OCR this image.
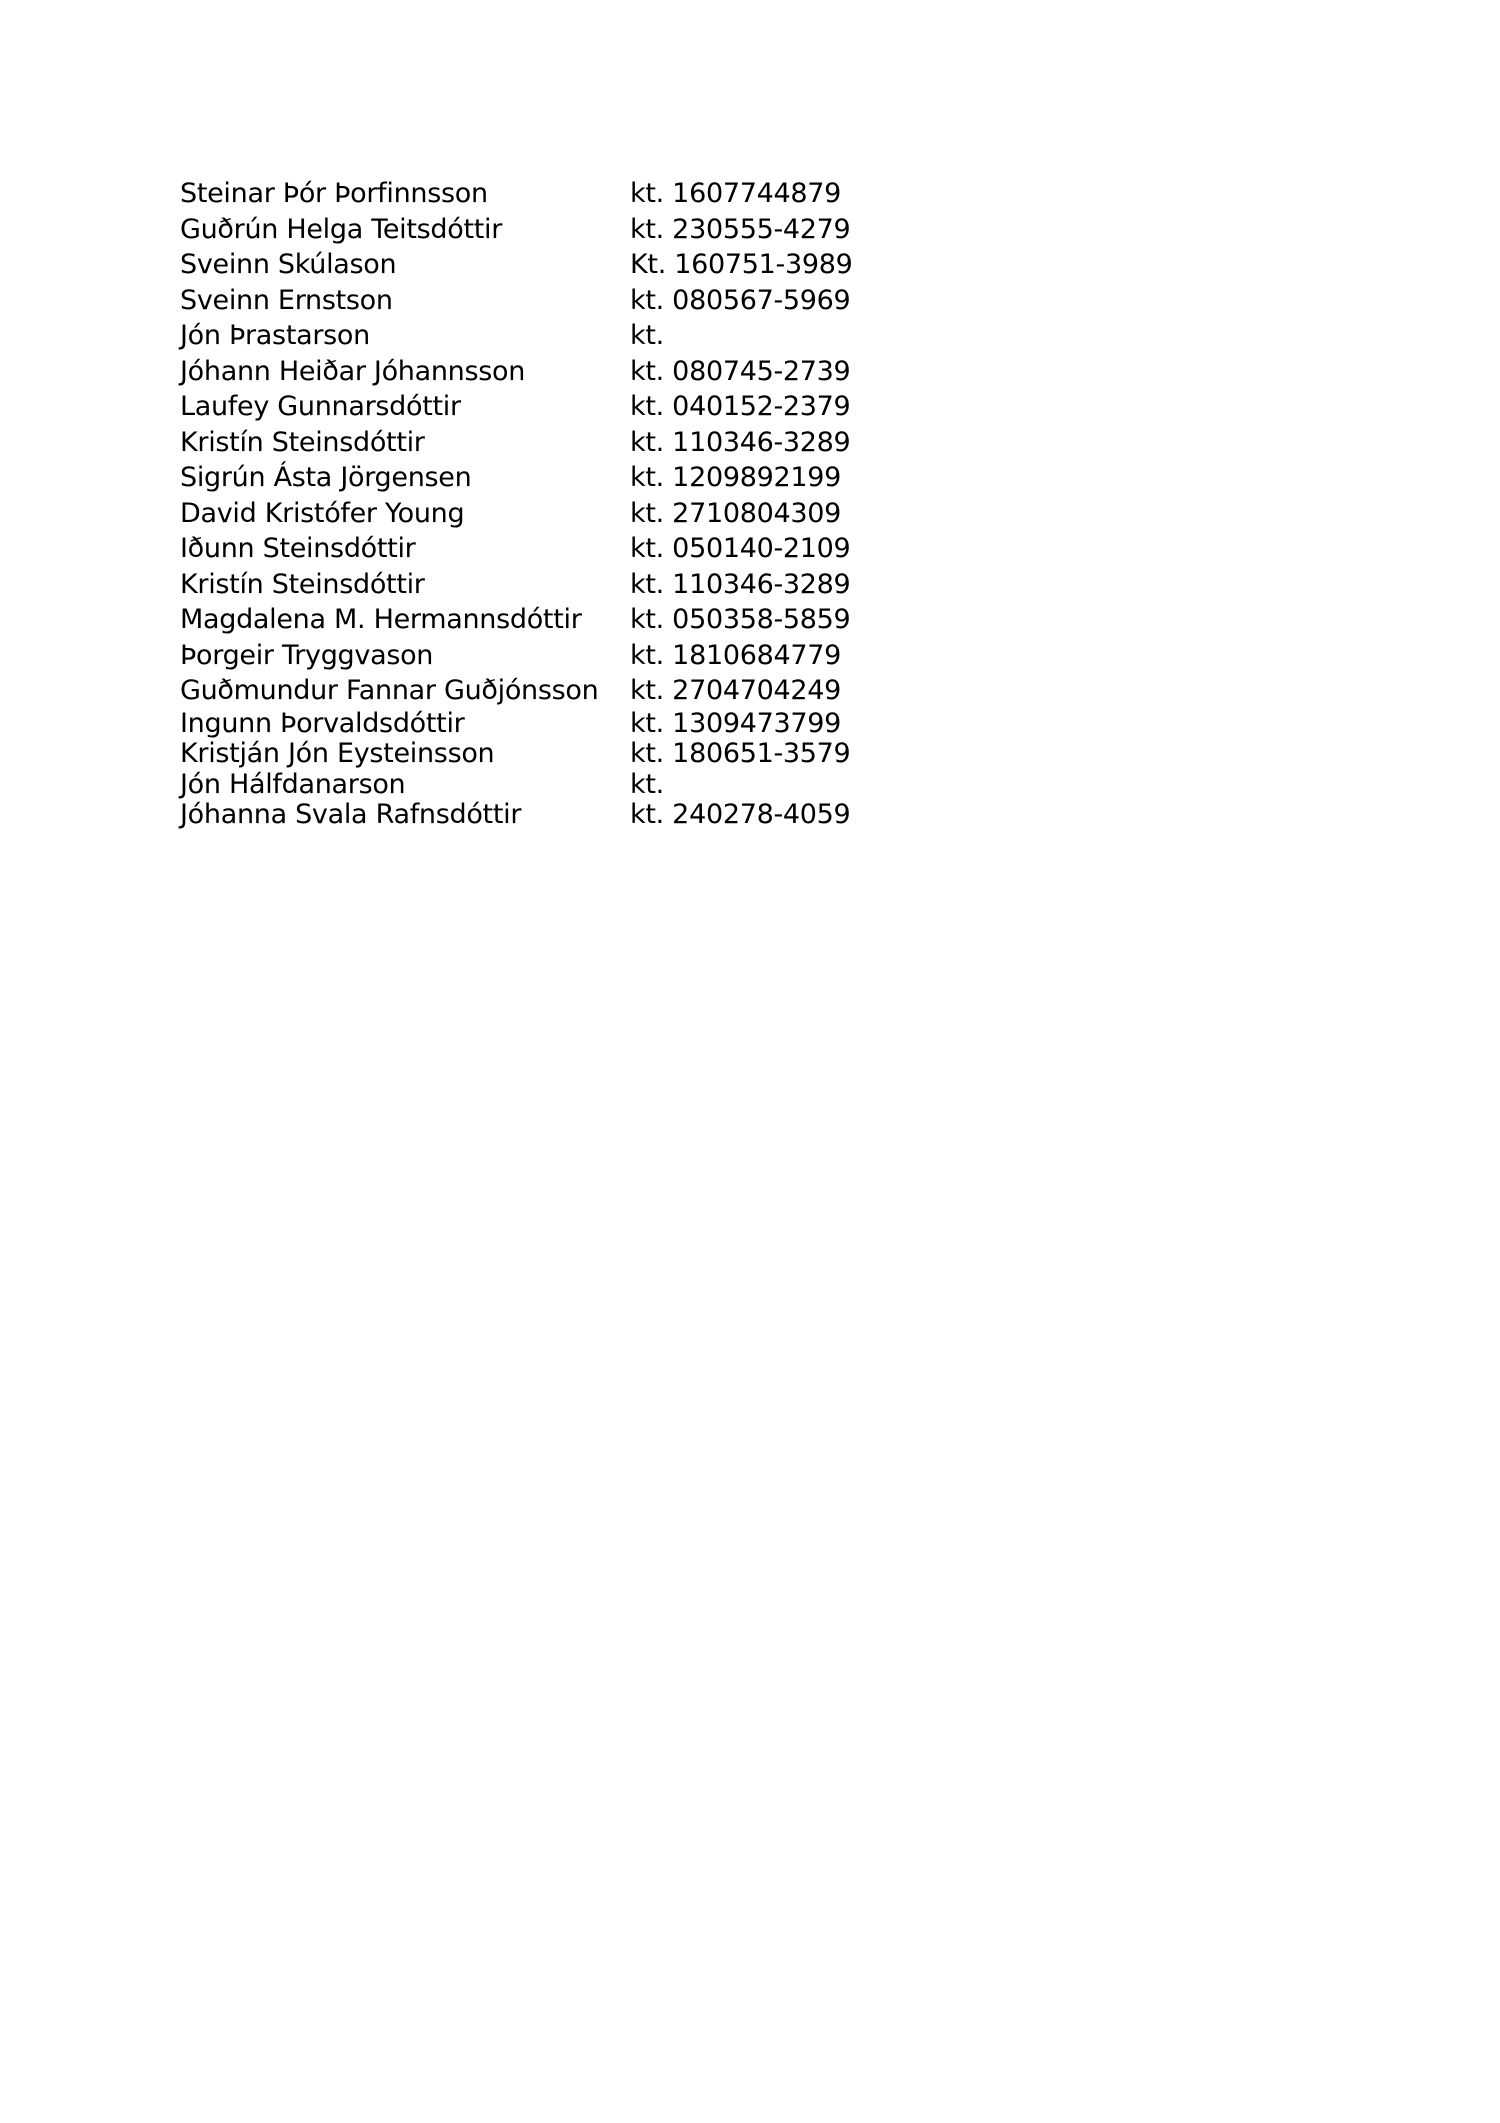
Steinar Þór Þorfinnsson	kt. 1607744879
Guðrún Helga Teitsdóttir	kt. 230555-4279
Sveinn Skúlason	Kt. 160751-3989
Sveinn Ernstson	kt. 080567-5969
Jón Þrastarson	kt.
Jóhann Heiðar Jóhannsson	kt. 080745-2739
Laufey Gunnarsdóttir	kt. 040152-2379
Kristín Steinsdóttir	kt. 110346-3289
Sigrún Ásta Jörgensen	kt. 1209892199
David Kristófer Young	kt. 2710804309
Iðunn Steinsdóttir	kt. 050140-2109
Kristín Steinsdóttir	kt. 110346-3289
Magdalena M. Hermannsdóttir kt. 050358-5859
Þorgeir Tryggvason	kt. 1810684779
Guðmundur Fannar Guðjónsson kt. 2704704249
Ingunn Þorvaldsdóttir	kt. 1309473799
Kristján Jón Eysteinsson	kt. 180651-3579
Jón Hálfdanarson	kt.
Jóhanna Svala Rafnsdóttir	kt. 240278-4059
